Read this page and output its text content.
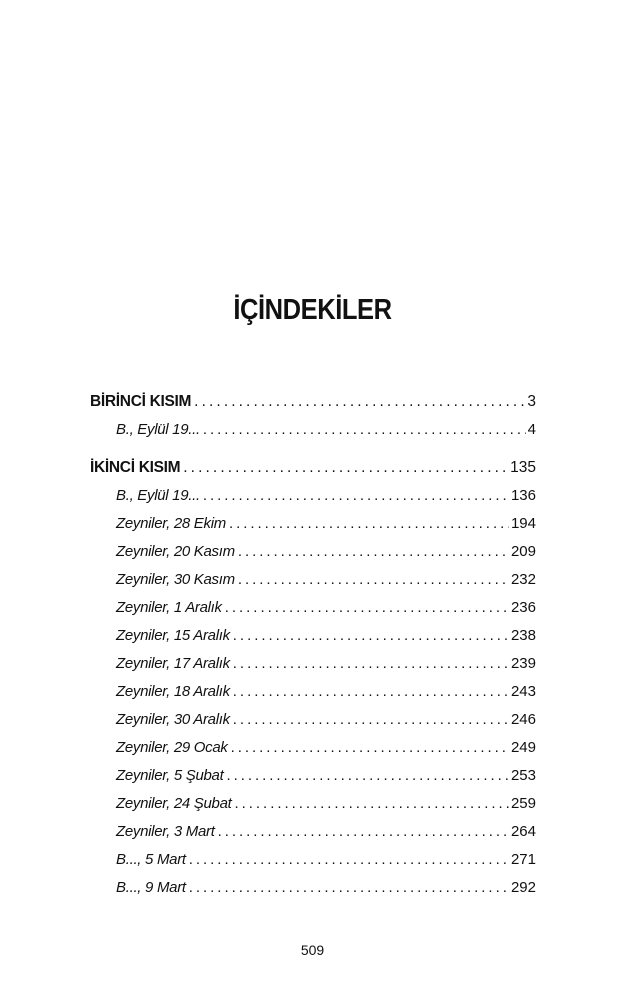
İÇİNDEKİLER
BİRİNCİ KISIM . . .	3
B., Eylül 19... . . .	4
İKİNCİ KISIM . . .	135
B., Eylül 19... . . .	136
Zeyniler, 28 Ekim . . .	194
Zeyniler, 20 Kasım . . .	209
Zeyniler, 30 Kasım . . .	232
Zeyniler, 1 Aralık . . .	236
Zeyniler, 15 Aralık . . .	238
Zeyniler, 17 Aralık . . .	239
Zeyniler, 18 Aralık . . .	243
Zeyniler, 30 Aralık . . .	246
Zeyniler, 29 Ocak . . .	249
Zeyniler, 5 Şubat . . .	253
Zeyniler, 24 Şubat . . .	259
Zeyniler, 3 Mart . . .	264
B..., 5 Mart . . .	271
B..., 9 Mart . . .	292
509
